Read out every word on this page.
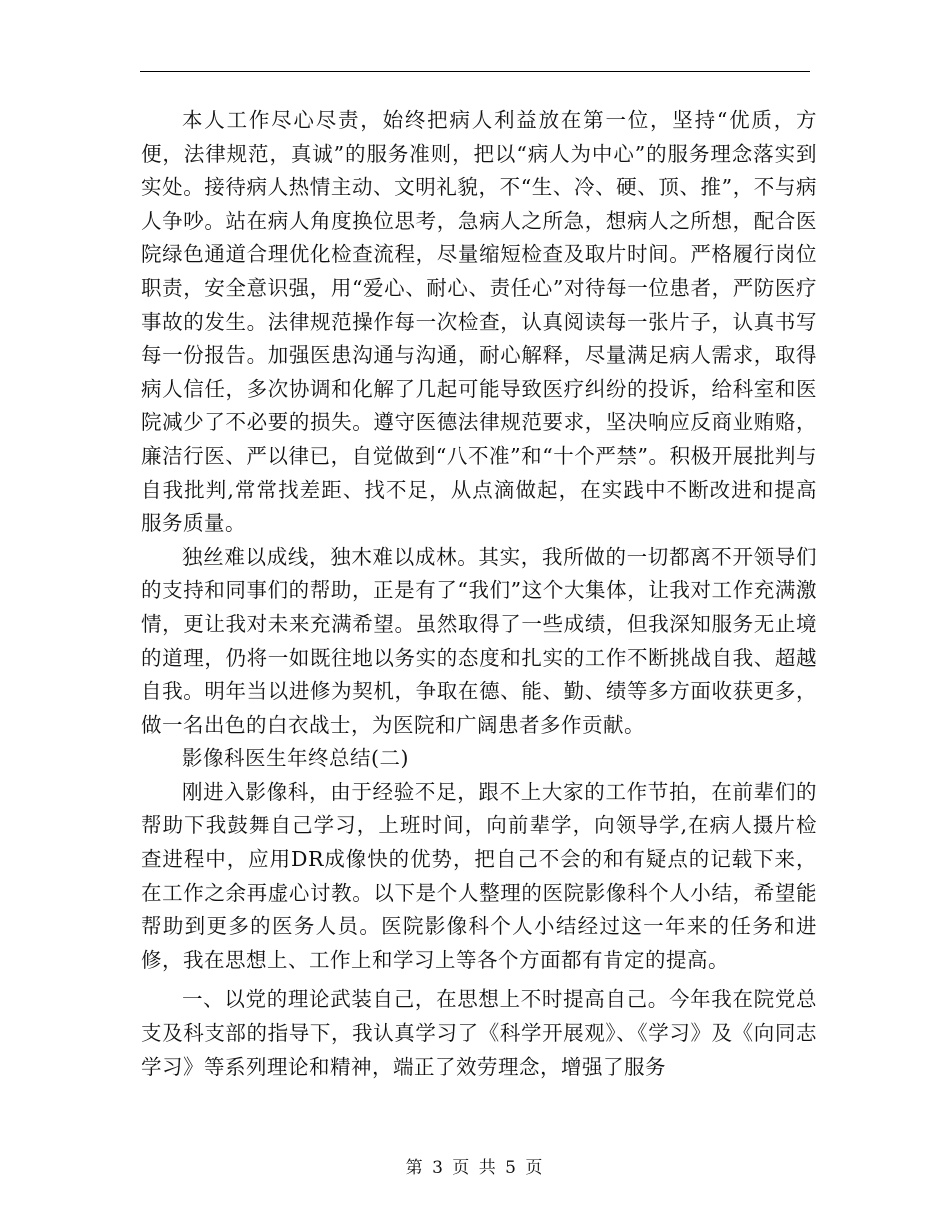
本人工作尽心尽责，始终把病人利益放在第一位，坚持“优质，方便，法律规范，真诚”的服务准则，把以“病人为中心”的服务理念落实到实处。接待病人热情主动、文明礼貌，不“生、冷、硬、顶、推”，不与病人争吵。站在病人角度换位思考，急病人之所急，想病人之所想，配合医院绿色通道合理优化检查流程，尽量缩短检查及取片时间。严格履行岗位职责，安全意识强，用“爱心、耐心、责任心”对待每一位患者，严防医疗事故的发生。法律规范操作每一次检查，认真阅读每一张片子，认真书写每一份报告。加强医患沟通与沟通，耐心解释，尽量满足病人需求，取得病人信任，多次协调和化解了几起可能导致医疗纠纷的投诉，给科室和医院减少了不必要的损失。遵守医德法律规范要求，坚决响应反商业贿赂，廉洁行医、严以律已，自觉做到“八不准”和“十个严禁”。积极开展批判与自我批判,常常找差距、找不足，从点滴做起，在实践中不断改进和提高服务质量。

独丝难以成线，独木难以成林。其实，我所做的一切都离不开领导们的支持和同事们的帮助，正是有了“我们”这个大集体，让我对工作充满激情，更让我对未来充满希望。虽然取得了一些成绩，但我深知服务无止境的道理，仍将一如既往地以务实的态度和扎实的工作不断挑战自我、超越自我。明年当以进修为契机，争取在德、能、勤、绩等多方面收获更多，做一名出色的白衣战士，为医院和广阔患者多作贡献。

影像科医生年终总结(二)

刚进入影像科，由于经验不足，跟不上大家的工作节拍，在前辈们的帮助下我鼓舞自己学习，上班时间，向前辈学，向领导学,在病人摄片检查进程中，应用DR成像快的优势，把自己不会的和有疑点的记载下来，在工作之余再虚心讨教。以下是个人整理的医院影像科个人小结，希望能帮助到更多的医务人员。医院影像科个人小结经过这一年来的任务和进修，我在思想上、工作上和学习上等各个方面都有肯定的提高。

一、以党的理论武装自己，在思想上不时提高自己。今年我在院党总支及科支部的指导下，我认真学习了《科学开展观》、《学习》及《向同志学习》等系列理论和精神，端正了效劳理念，增强了服务

第 3 页 共 5 页
